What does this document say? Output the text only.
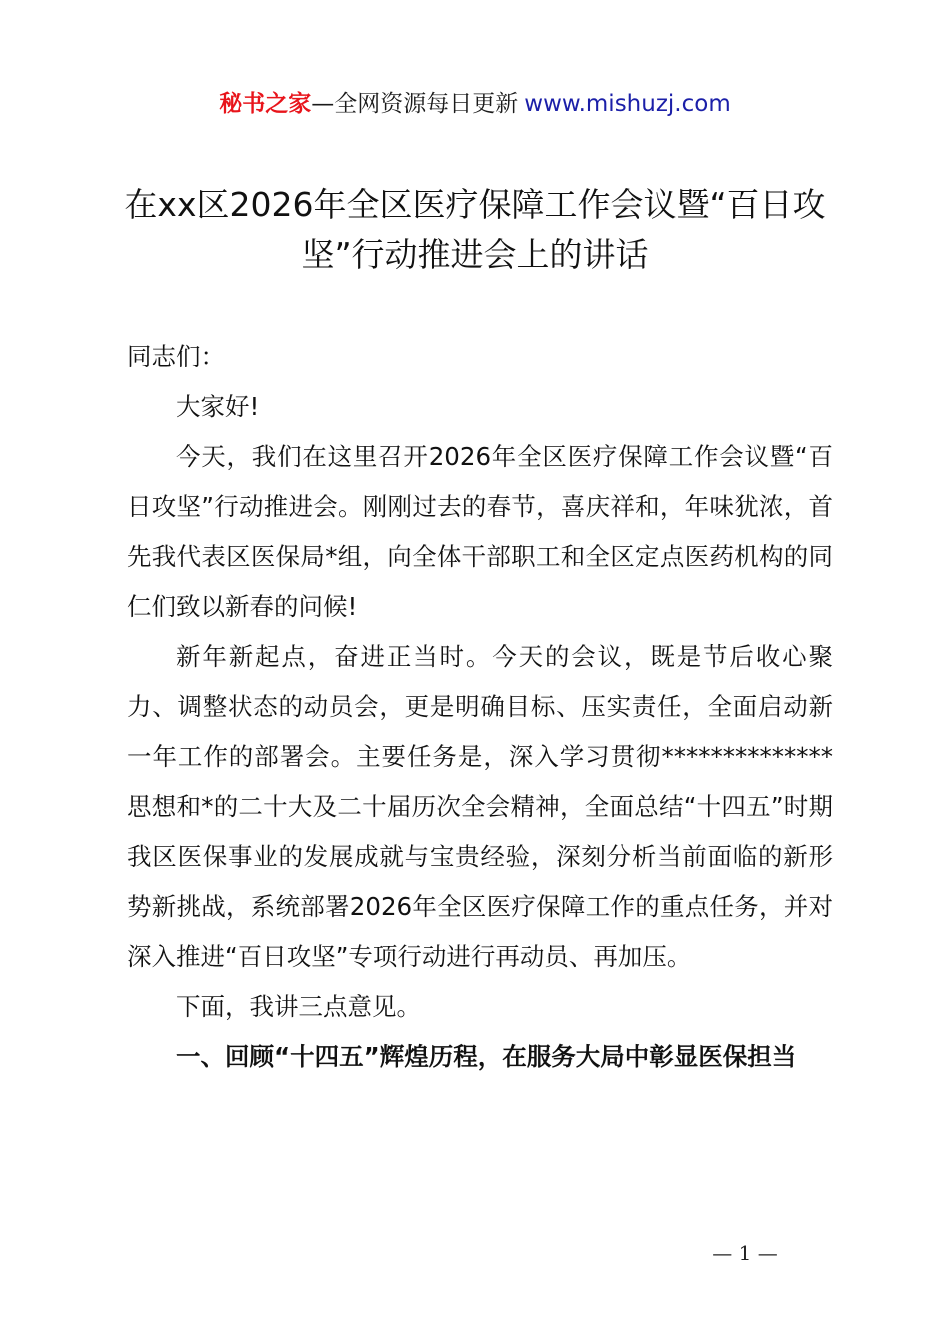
秘书之家—全网资源每日更新 www.mishuzj.com
在xx区2026年全区医疗保障工作会议暨“百日攻坚”行动推进会上的讲话

同志们：

大家好!

今天，我们在这里召开2026年全区医疗保障工作会议暨“百日攻坚”行动推进会。刚刚过去的春节，喜庆祥和，年味犹浓，首先我代表区医保局*组，向全体干部职工和全区定点医药机构的同仁们致以新春的问候!

新年新起点，奋进正当时。今天的会议，既是节后收心聚力、调整状态的动员会，更是明确目标、压实责任，全面启动新一年工作的部署会。主要任务是，深入学习贯彻**************思想和*的二十大及二十届历次全会精神，全面总结“十四五”时期我区医保事业的发展成就与宝贵经验，深刻分析当前面临的新形势新挑战，系统部署2026年全区医疗保障工作的重点任务，并对深入推进“百日攻坚”专项行动进行再动员、再加压。

下面，我讲三点意见。

一、回顾“十四五”辉煌历程，在服务大局中彰显医保担当

— 1 —
